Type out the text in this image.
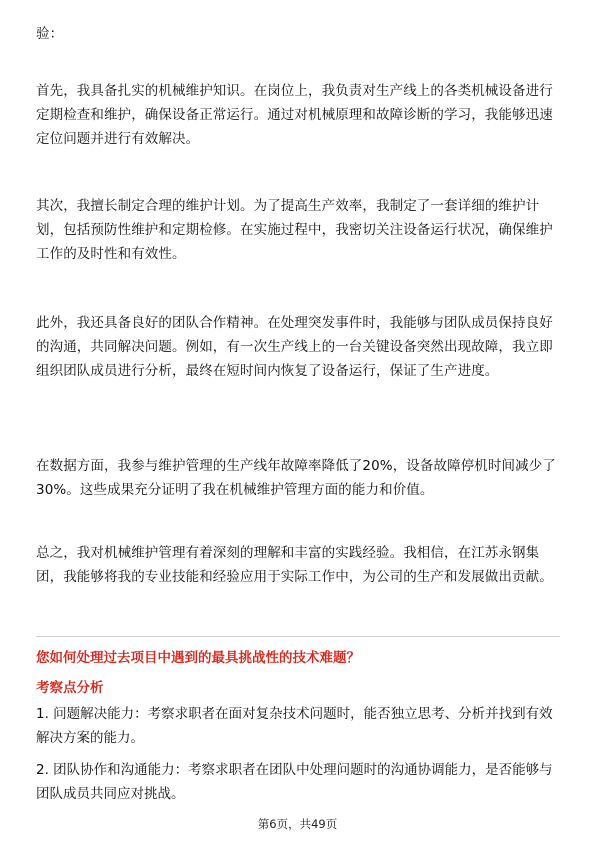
验：

首先，我具备扎实的机械维护知识。在岗位上，我负责对生产线上的各类机械设备进行定期检查和维护，确保设备正常运行。通过对机械原理和故障诊断的学习，我能够迅速定位问题并进行有效解决。

其次，我擅长制定合理的维护计划。为了提高生产效率，我制定了一套详细的维护计划，包括预防性维护和定期检修。在实施过程中，我密切关注设备运行状况，确保维护工作的及时性和有效性。

此外，我还具备良好的团队合作精神。在处理突发事件时，我能够与团队成员保持良好的沟通，共同解决问题。例如，有一次生产线上的一台关键设备突然出现故障，我立即组织团队成员进行分析，最终在短时间内恢复了设备运行，保证了生产进度。

在数据方面，我参与维护管理的生产线年故障率降低了20%，设备故障停机时间减少了30%。这些成果充分证明了我在机械维护管理方面的能力和价值。

总之，我对机械维护管理有着深刻的理解和丰富的实践经验。我相信，在江苏永钢集团，我能够将我的专业技能和经验应用于实际工作中，为公司的生产和发展做出贡献。

您如何处理过去项目中遇到的最具挑战性的技术难题？

考察点分析

1. 问题解决能力：考察求职者在面对复杂技术问题时，能否独立思考、分析并找到有效解决方案的能力。

2. 团队协作和沟通能力：考察求职者在团队中处理问题时的沟通协调能力，是否能够与团队成员共同应对挑战。

第6页，共49页
